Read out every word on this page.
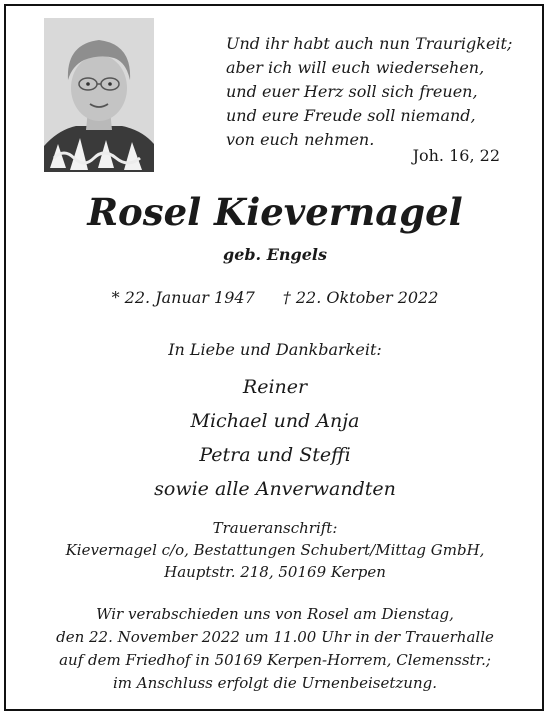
Und ihr habt auch nun Traurigkeit;
aber ich will euch wiedersehen,
und euer Herz soll sich freuen,
und eure Freude soll niemand,
von euch nehmen.
Joh. 16, 22
Rosel Kievernagel
geb. Engels
* 22. Januar 1947 † 22. Oktober 2022
In Liebe und Dankbarkeit:
Reiner
Michael und Anja
Petra und Steffi
sowie alle Anverwandten
Traueranschrift:
Kievernagel c/o, Bestattungen Schubert/Mittag GmbH,
Hauptstr. 218, 50169 Kerpen
Wir verabschieden uns von Rosel am Dienstag,
den 22. November 2022 um 11.00 Uhr in der Trauerhalle
auf dem Friedhof in 50169 Kerpen-Horrem, Clemensstr.;
im Anschluss erfolgt die Urnenbeisetzung.
